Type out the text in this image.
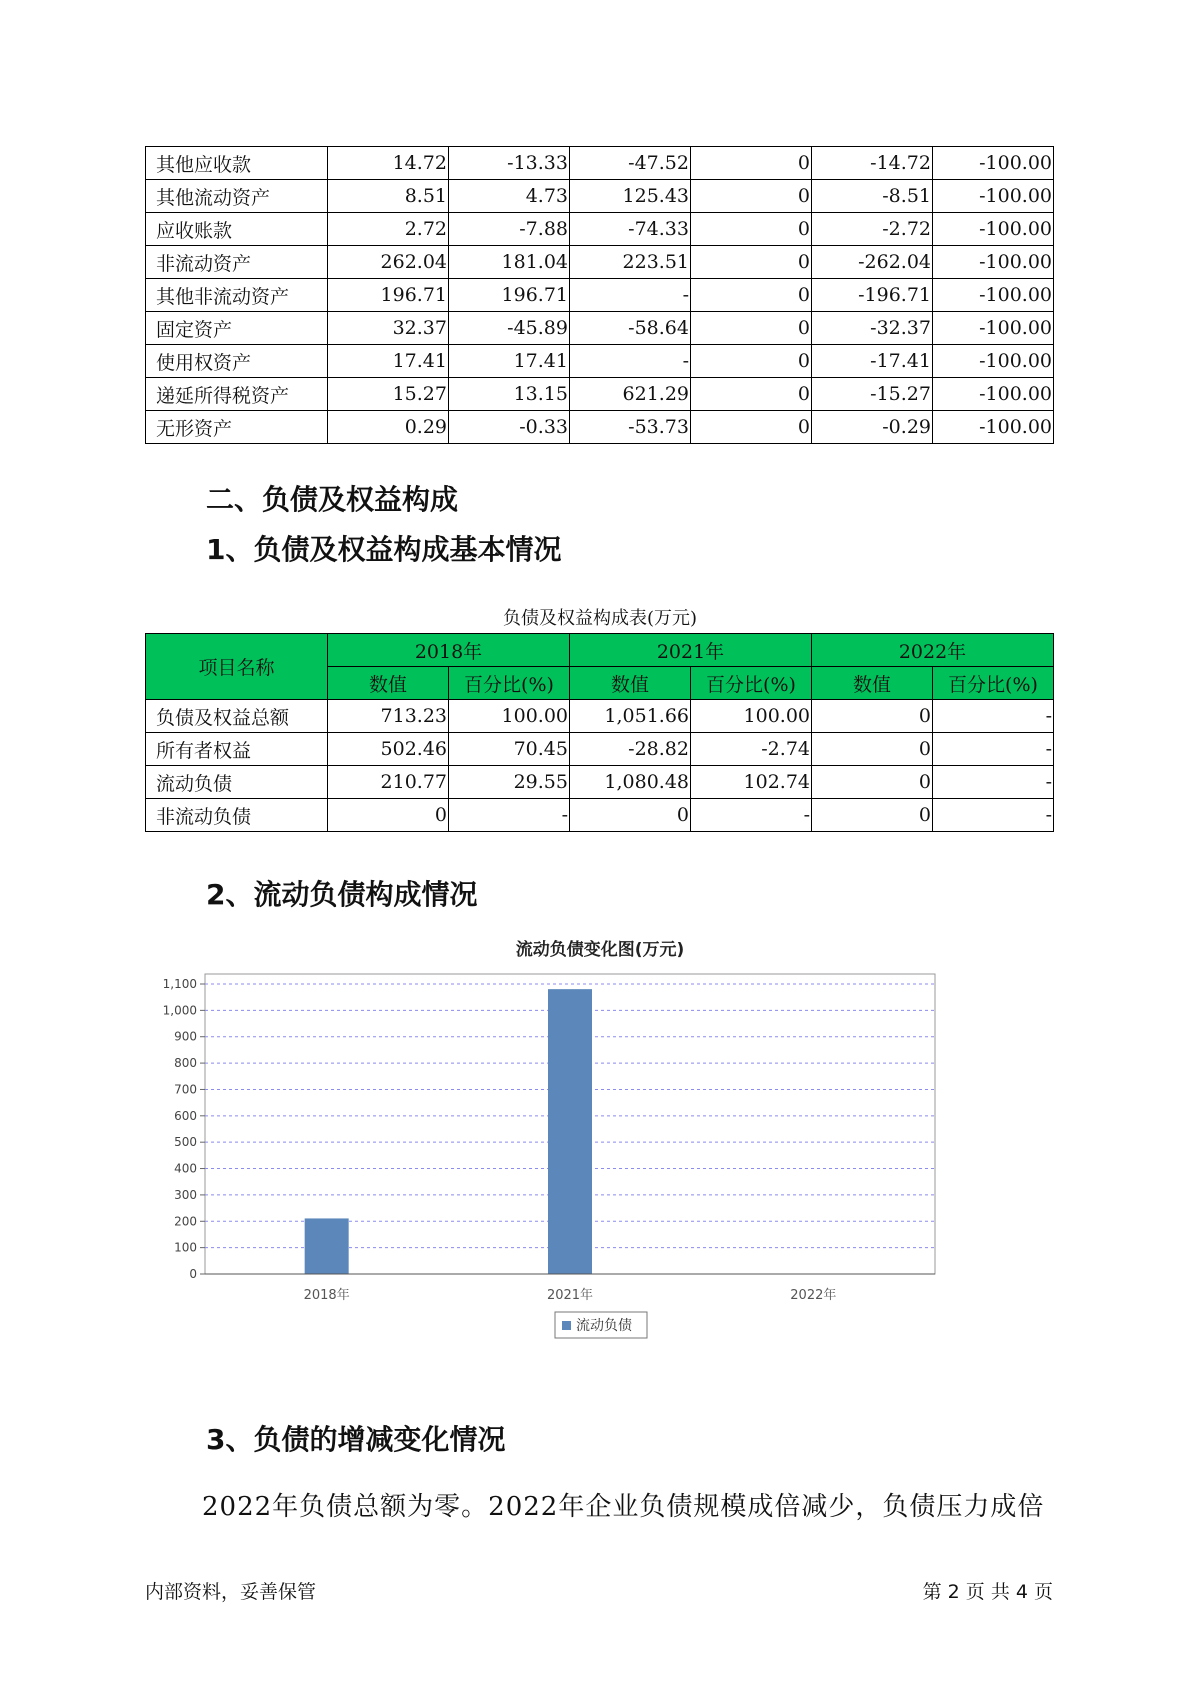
其他应收款	14.72	-13.33	-47.52	0	-14.72	-100.00
其他流动资产	8.51	4.73	125.43	0	-8.51	-100.00
应收账款	2.72	-7.88	-74.33	0	-2.72	-100.00
非流动资产	262.04	181.04	223.51	0	-262.04	-100.00
其他非流动资产	196.71	196.71	-	0	-196.71	-100.00
固定资产	32.37	-45.89	-58.64	0	-32.37	-100.00
使用权资产	17.41	17.41	-	0	-17.41	-100.00
递延所得税资产	15.27	13.15	621.29	0	-15.27	-100.00
无形资产	0.29	-0.33	-53.73	0	-0.29	-100.00
二、负债及权益构成
1、负债及权益构成基本情况
负债及权益构成表(万元)
项目名称	2018年		2021年		2022年	
	数值	百分比(%)	数值	百分比(%)	数值	百分比(%)
负债及权益总额	713.23	100.00	1,051.66	100.00	0	-
所有者权益	502.46	70.45	-28.82	-2.74	0	-
流动负债	210.77	29.55	1,080.48	102.74	0	-
非流动负债	0	-	0	-	0	-
2、流动负债构成情况
流动负债变化图(万元)
0
100
200
300
400
500
600
700
800
900
1,000
1,100
2018年	2021年	2022年
流动负债
3、负债的增减变化情况

2022年负债总额为零。2022年企业负债规模成倍减少，负债压力成倍

内部资料，妥善保管	第 2 页 共 4 页
